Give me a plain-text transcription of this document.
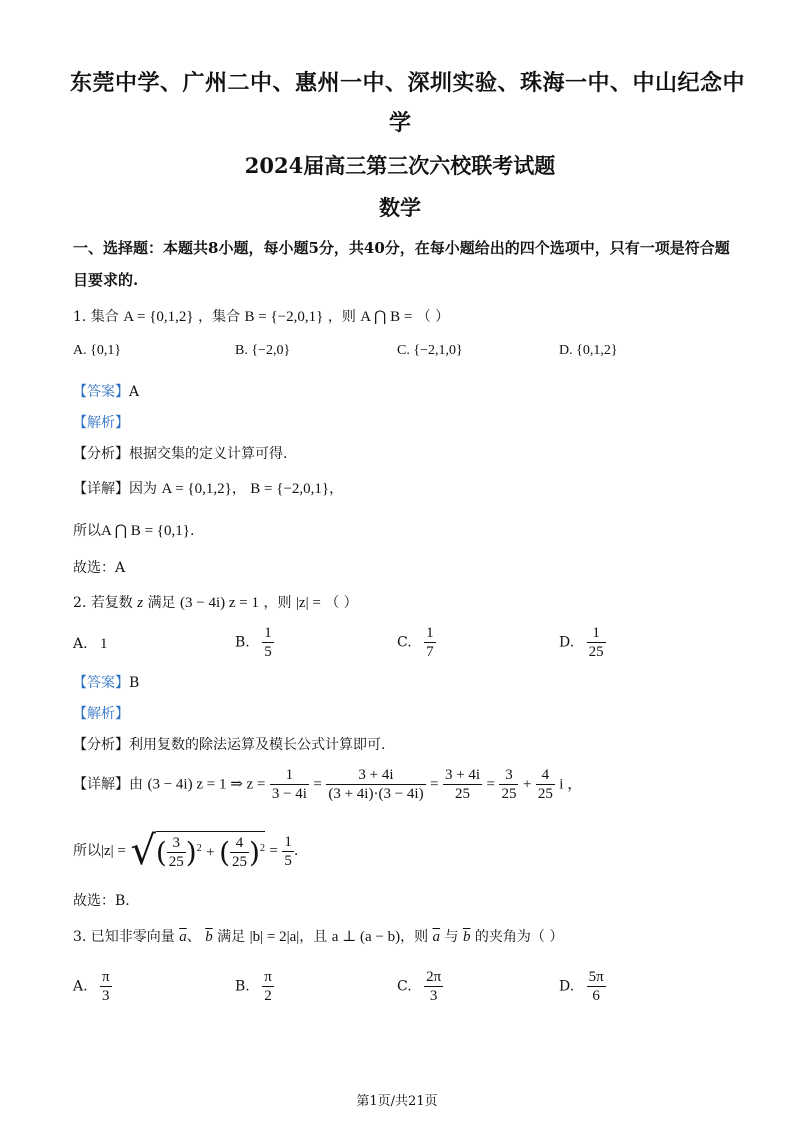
东莞中学、广州二中、惠州一中、深圳实验、珠海一中、中山纪念中
学
2024届高三第三次六校联考试题
数学
一、选择题：本题共8小题，每小题5分，共40分，在每小题给出的四个选项中，只有一项是符合题目要求的.
1. 集合 A = {0,1,2} ，集合 B = {−2,0,1} ，则 A ⋂ B = （ ）
A. {0,1}	B. {−2,0}	C. {−2,1,0}	D. {0,1,2}
【答案】A
【解析】
【分析】根据交集的定义计算可得.
【详解】因为 A = {0,1,2}， B = {−2,0,1}，
所以A ⋂ B = {0,1}.
故选：A
2. 若复数 z 满足 (3 − 4i) z = 1 ，则 |z| = （ ）
A. 1	B. $\frac{1}{5}$	C. $\frac{1}{7}$	D. $\frac{1}{25}$
【答案】B
【解析】
【分析】利用复数的除法运算及模长公式计算即可.
【详解】由 (3 − 4i) z = 1 ⇒ $z = \frac{1}{3 - 4i} = \frac{3 + 4i}{(3 + 4i)\cdot(3 - 4i)} = \frac{3 + 4i}{25} = \frac{3}{25} + \frac{4}{25}$ i ，
所以|z| = √( $\frac{3}{25} )^2$ + ( $\frac{4}{25} )^2 = \frac{1}{5}$ .
故选：B.
3. 已知非零向量 $\overline{a}$、 $\overline{b}$ 满足 |b| = 2|a|，且 a ⊥ (a − b)，则 $\overline{a}$ 与 $\overline{b}$ 的夹角为（ ）
A. $\frac{\pi}{3}$	B. $\frac{\pi}{2}$	C. $\frac{2\pi}{3}$	D. $\frac{5\pi}{6}$
第1页/共21页
